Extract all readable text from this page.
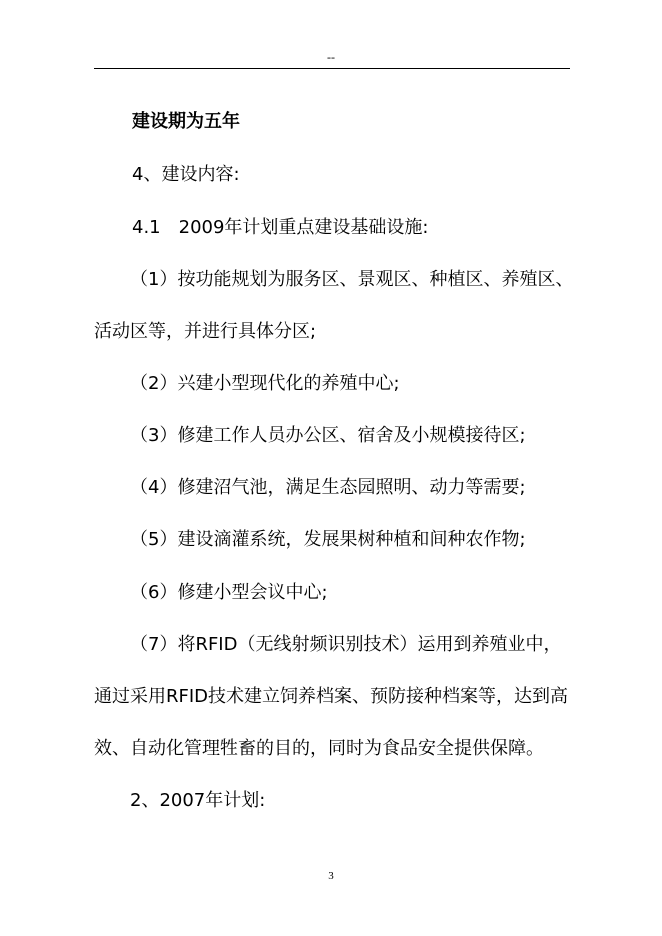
--
建设期为五年
4、建设内容:
4.1　2009年计划重点建设基础设施:
（1）按功能规划为服务区、景观区、种植区、养殖区、
活动区等，并进行具体分区;
（2）兴建小型现代化的养殖中心;
（3）修建工作人员办公区、宿舍及小规模接待区;
（4）修建沼气池，满足生态园照明、动力等需要;
（5）建设滴灌系统，发展果树种植和间种农作物;
（6）修建小型会议中心;
（7）将RFID（无线射频识别技术）运用到养殖业中，
通过采用RFID技术建立饲养档案、预防接种档案等，达到高
效、自动化管理牲畜的目的，同时为食品安全提供保障。
2、2007年计划:
3
